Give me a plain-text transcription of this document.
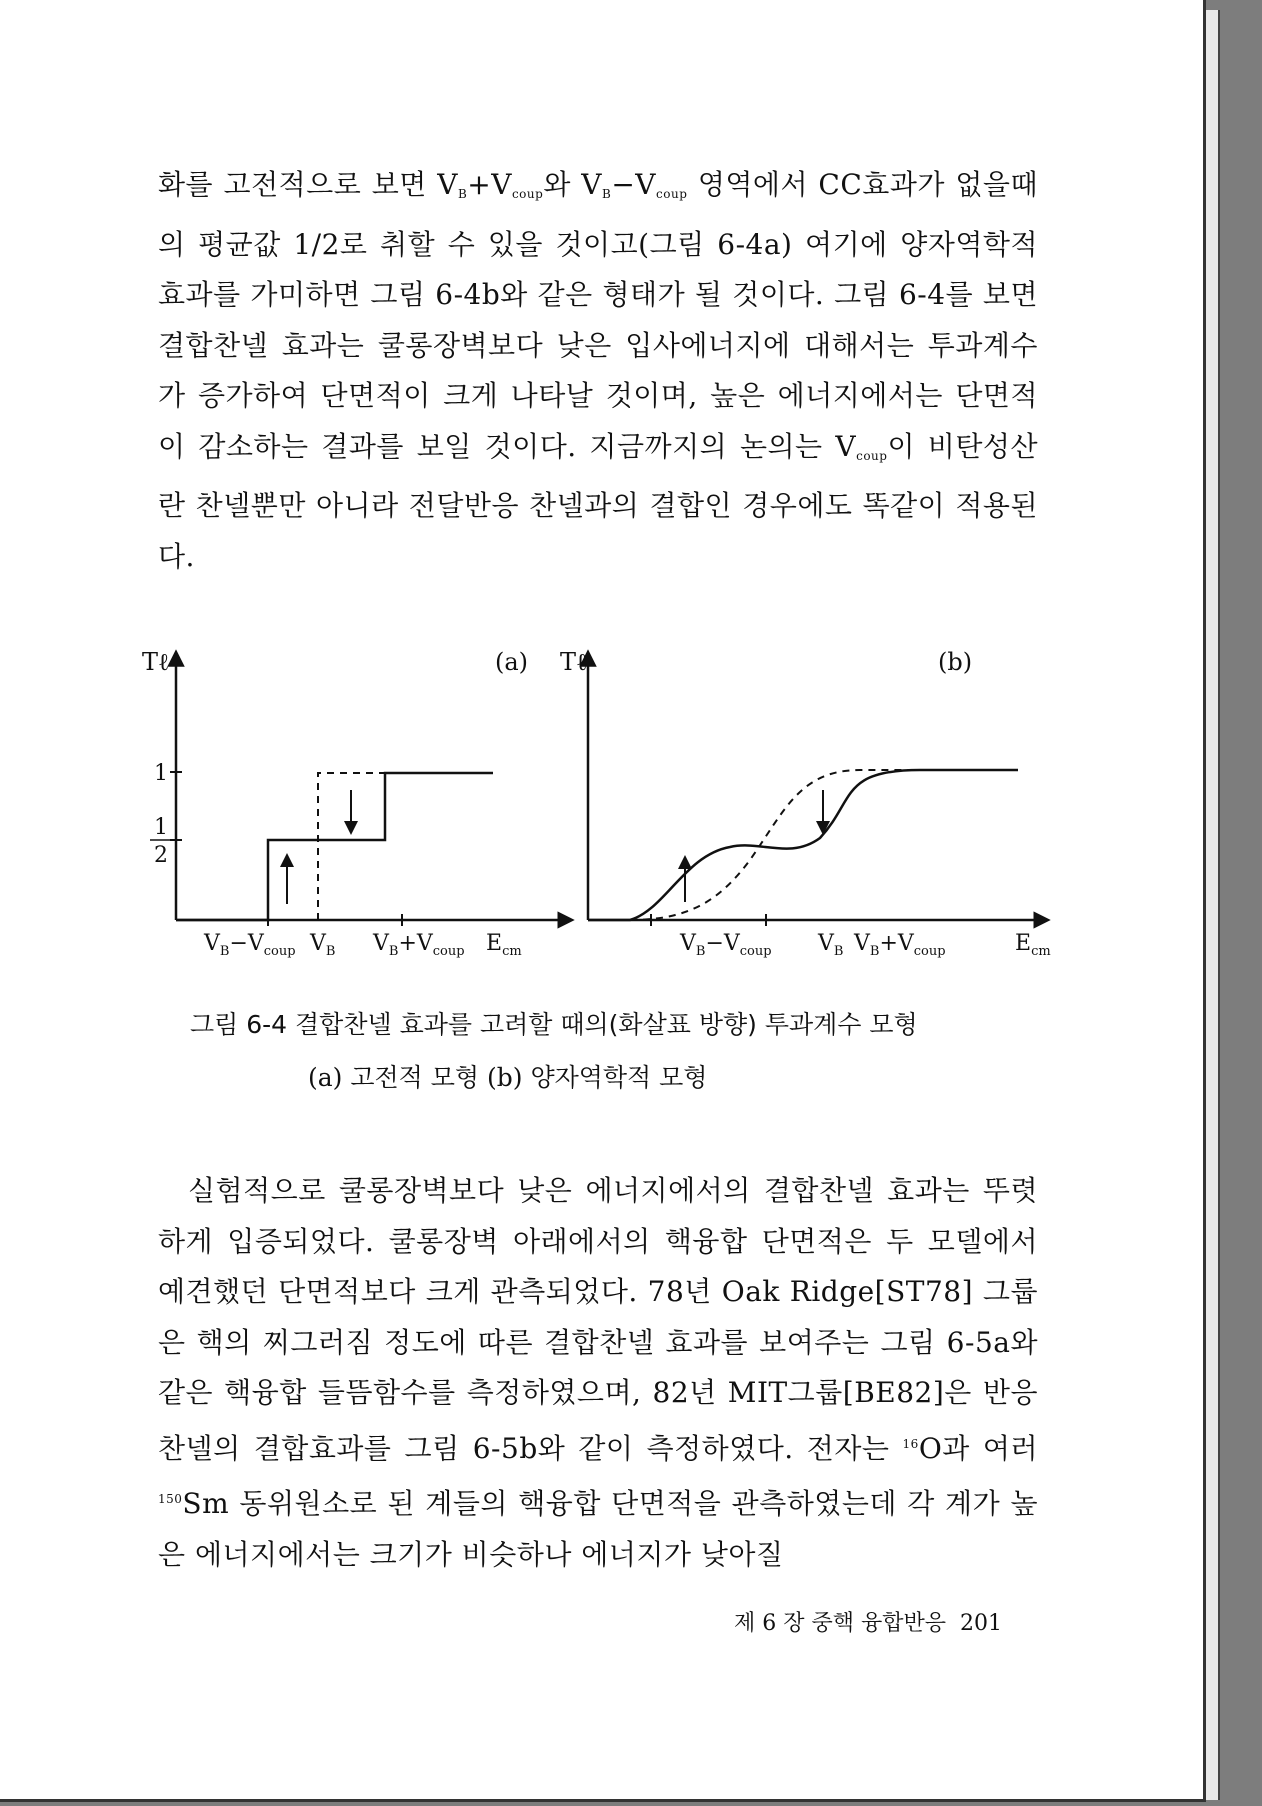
화를 고전적으로 보면 $V_B+V_{coup}$와 $V_B-V_{coup}$ 영역에서 CC효과가 없을때의 평균값 1/2로 취할 수 있을 것이고(그림 6-4a) 여기에 양자역학적 효과를 가미하면 그림 6-4b와 같은 형태가 될 것이다. 그림 6-4를 보면 결합찬넬 효과는 쿨롱장벽보다 낮은 입사에너지에 대해서는 투과계수가 증가하여 단면적이 크게 나타날 것이며, 높은 에너지에서는 단면적이 감소하는 결과를 보일 것이다. 지금까지의 논의는 $V_{coup}$이 비탄성산란 찬넬뿐만 아니라 전달반응 찬넬과의 결합인 경우에도 똑같이 적용된다.

Tℓ	(a)
1
1
2
$V_B-V_{coup}$ $V_B$ $V_B+V_{coup}$ $E_{cm}$
Tℓ	(b)
$V_B-V_{coup}$ $V_B$ $V_B+V_{coup}$	$E_{cm}$
그림 6-4 결합찬넬 효과를 고려할 때의(화살표 방향) 투과계수 모형
(a) 고전적 모형 (b) 양자역학적 모형

실험적으로 쿨롱장벽보다 낮은 에너지에서의 결합찬넬 효과는 뚜렷하게 입증되었다. 쿨롱장벽 아래에서의 핵융합 단면적은 두 모델에서 예견했던 단면적보다 크게 관측되었다. 78년 Oak Ridge[ST78] 그룹은 핵의 찌그러짐 정도에 따른 결합찬넬 효과를 보여주는 그림 6-5a와 같은 핵융합 들뜸함수를 측정하였으며, 82년 MIT그룹[BE82]은 반응찬넬의 결합효과를 그림 6-5b와 같이 측정하였다. 전자는 $^{16}$O과 여러 $^{150}$Sm 동위원소로 된 계들의 핵융합 단면적을 관측하였는데 각 계가 높은 에너지에서는 크기가 비슷하나 에너지가 낮아질

제 6 장 중핵 융합반응 201
